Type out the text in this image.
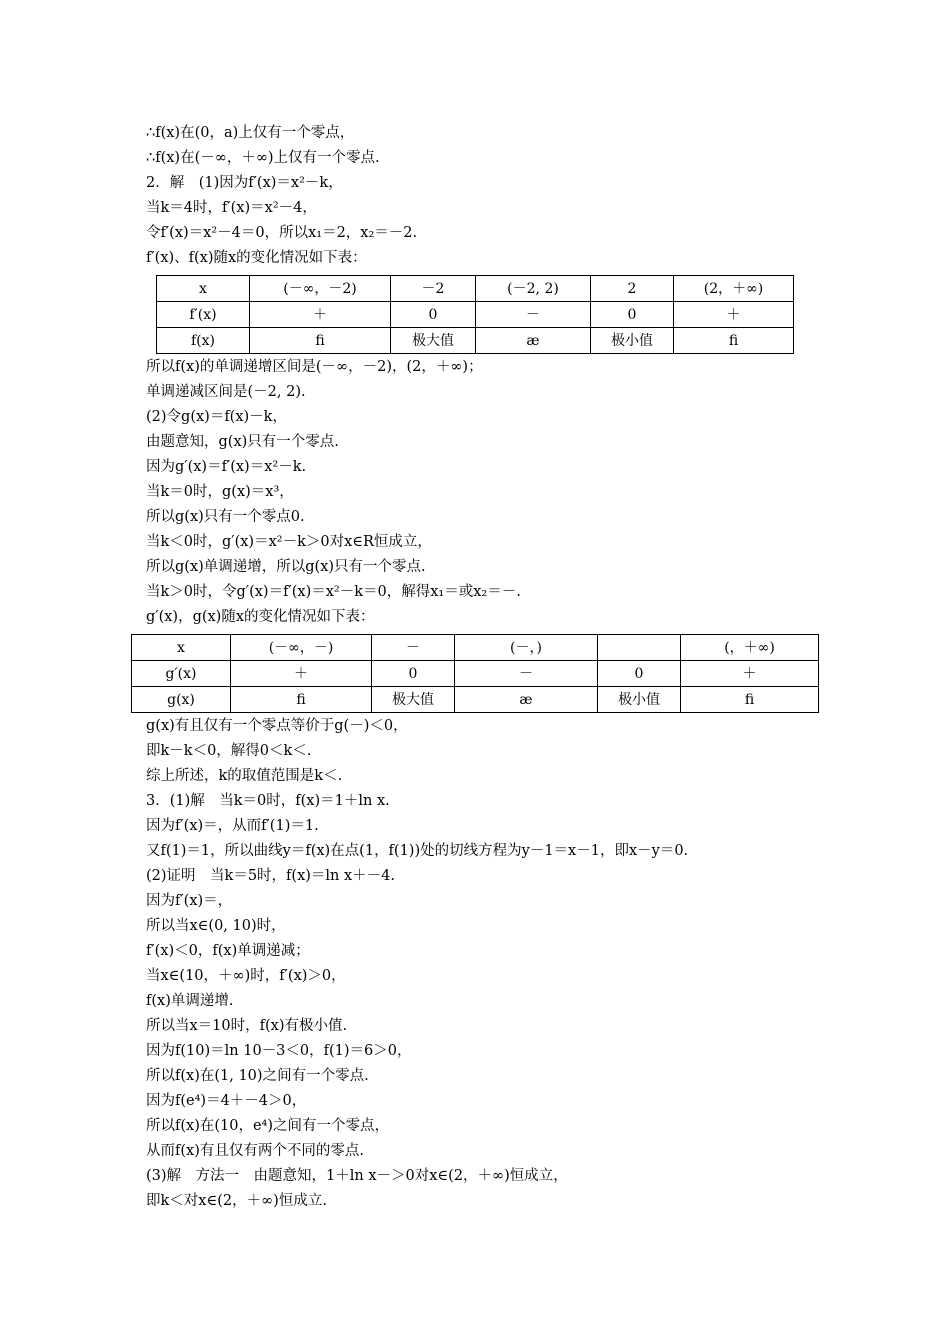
∴f(x)在(0，a)上仅有一个零点，
∴f(x)在(－∞，＋∞)上仅有一个零点.
2．解　(1)因为f′(x)＝x²－k，
当k＝4时，f′(x)＝x²－4，
令f′(x)＝x²－4＝0，所以x₁＝2，x₂＝－2.
f′(x)、f(x)随x的变化情况如下表：
x	(－∞，－2)	－2	(－2, 2)	2	(2，＋∞)
f′(x)	＋	0	－	0	＋
f(x)	ﬁ	极大值	æ	极小值	ﬁ
所以f(x)的单调递增区间是(－∞，－2)，(2，＋∞)；
单调递减区间是(－2, 2).
(2)令g(x)＝f(x)－k，
由题意知，g(x)只有一个零点.
因为g′(x)＝f′(x)＝x²－k.
当k＝0时，g(x)＝x³，
所以g(x)只有一个零点0.
当k＜0时，g′(x)＝x²－k＞0对x∈R恒成立，
所以g(x)单调递增，所以g(x)只有一个零点.
当k＞0时，令g′(x)＝f′(x)＝x²－k＝0，解得x₁＝或x₂＝－.
g′(x)，g(x)随x的变化情况如下表：
x	(－∞，－)	－	(－，)		(，＋∞)
g′(x)	＋	0	－	0	＋
g(x)	ﬁ	极大值	æ	极小值	ﬁ
g(x)有且仅有一个零点等价于g(－)＜0，
即k－k＜0，解得0＜k＜.
综上所述，k的取值范围是k＜.
3．(1)解　当k＝0时，f(x)＝1＋ln x.
因为f′(x)＝，从而f′(1)＝1.
又f(1)＝1，所以曲线y＝f(x)在点(1，f(1))处的切线方程为y－1＝x－1，即x－y＝0.
(2)证明　当k＝5时，f(x)＝ln x＋－4.
因为f′(x)＝，
所以当x∈(0, 10)时，
f′(x)＜0，f(x)单调递减；
当x∈(10，＋∞)时，f′(x)＞0，
f(x)单调递增.
所以当x＝10时，f(x)有极小值.
因为f(10)＝ln 10－3＜0，f(1)＝6＞0，
所以f(x)在(1, 10)之间有一个零点.
因为f(e⁴)＝4＋－4＞0，
所以f(x)在(10，e⁴)之间有一个零点，
从而f(x)有且仅有两个不同的零点.
(3)解　方法一　由题意知，1＋ln x－＞0对x∈(2，＋∞)恒成立，
即k＜对x∈(2，＋∞)恒成立.
